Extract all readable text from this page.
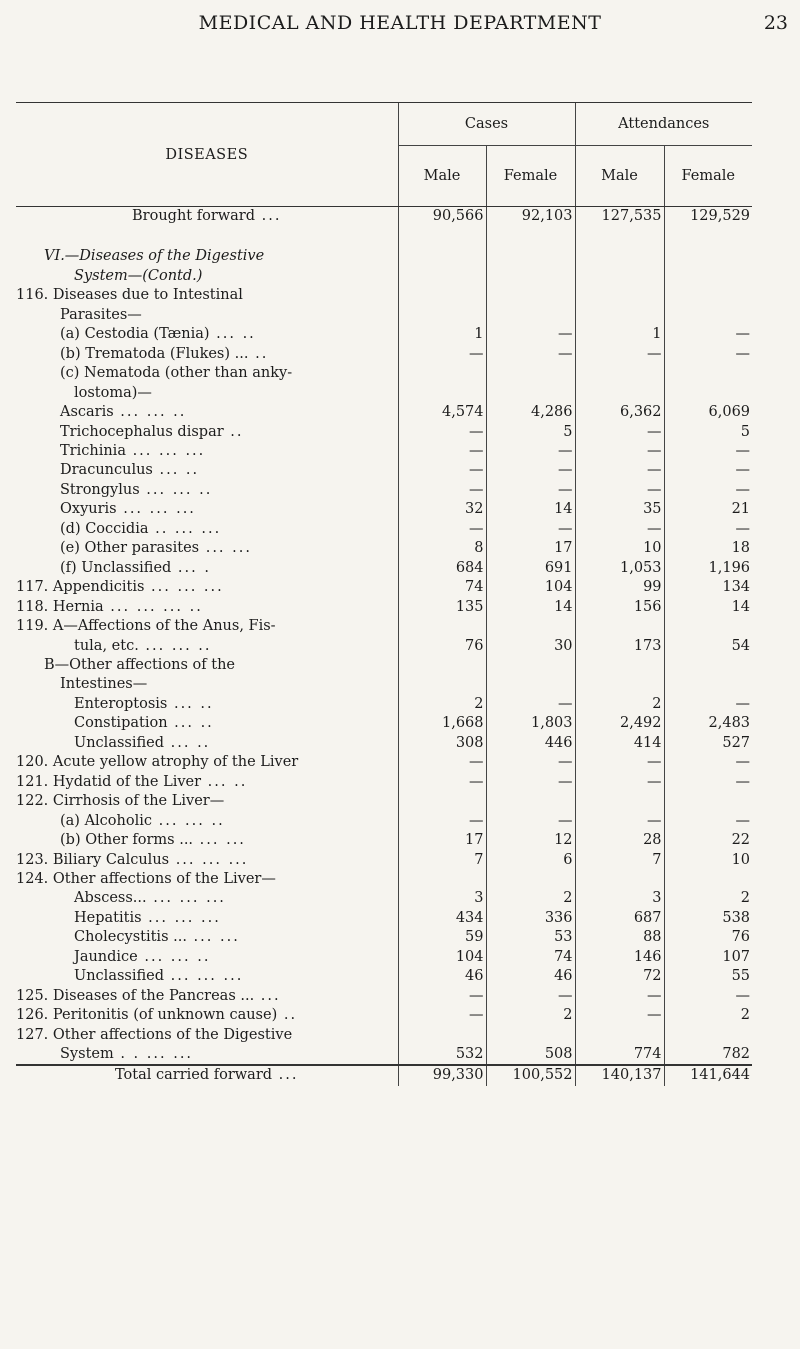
MEDICAL AND HEALTH DEPARTMENT	23
DISEASES	Cases		Attendances	
	Male	Female	Male	Female
Brought forward ...	90,566	92,103	127,535	129,529

VI.—Diseases of the Digestive				
System—(Contd.)				
116. Diseases due to Intestinal				
Parasites—				
(a) Cestodia (Tænia) ... ..	1	—	1	—
(b) Trematoda (Flukes) ... ..	—	—	—	—
(c) Nematoda (other than anky-				
lostoma)—				
Ascaris ... ... ..	4,574	4,286	6,362	6,069
Trichocephalus dispar ..	—	5	—	5
Trichinia ... ... ...	—	—	—	—
Dracunculus ... ..	—	—	—	—
Strongylus ... ... ..	—	—	—	—
Oxyuris ... ... ...	32	14	35	21
(d) Coccidia .. ... ...	—	—	—	—
(e) Other parasites ... ...	8	17	10	18
(f) Unclassified ... .	684	691	1,053	1,196
117. Appendicitis ... ... ...	74	104	99	134
118. Hernia ... ... ... ..	135	14	156	14
119. A—Affections of the Anus, Fis-				
tula, etc. ... ... ..	76	30	173	54
B—Other affections of the				
Intestines—				
Enteroptosis ... ..	2	—	2	—
Constipation ... ..	1,668	1,803	2,492	2,483
Unclassified ... ..	308	446	414	527
120. Acute yellow atrophy of the Liver	—	—	—	—
121. Hydatid of the Liver ... ..	—	—	—	—
122. Cirrhosis of the Liver—				
(a) Alcoholic ... ... ..	—	—	—	—
(b) Other forms ... ... ...	17	12	28	22
123. Biliary Calculus ... ... ...	7	6	7	10
124. Other affections of the Liver—				
Abscess... ... ... ...	3	2	3	2
Hepatitis ... ... ...	434	336	687	538
Cholecystitis ... ... ...	59	53	88	76
Jaundice ... ... ..	104	74	146	107
Unclassified ... ... ...	46	46	72	55
125. Diseases of the Pancreas ... ...	—	—	—	—
126. Peritonitis (of unknown cause) ..	—	2	—	2
127. Other affections of the Digestive				
System . . ... ...	532	508	774	782
Total carried forward ...	99,330	100,552	140,137	141,644
